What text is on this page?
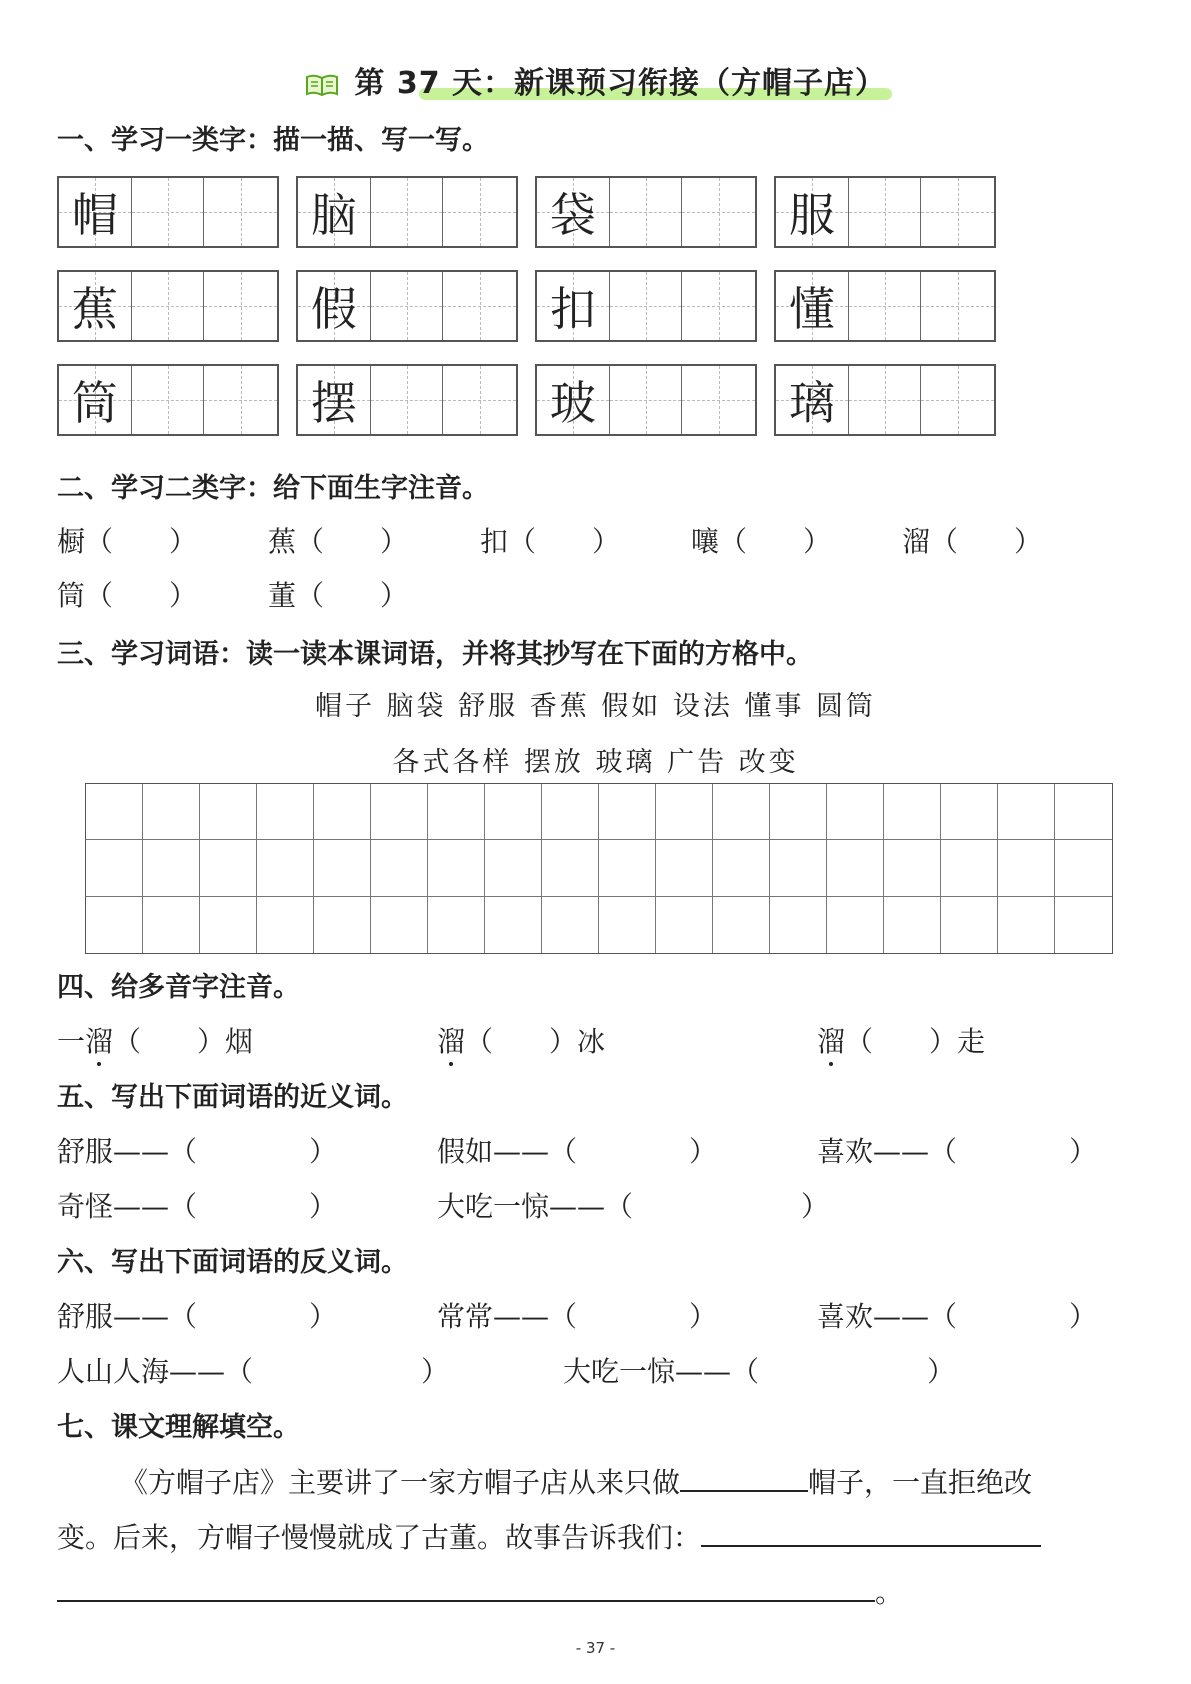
第 37 天：新课预习衔接（方帽子店）
一、学习一类字：描一描、写一写。
帽	脑	袋	服
蕉	假	扣	懂
筒	摆	玻	璃
二、学习二类字：给下面生字注音。
橱（　　）	蕉（　　）	扣（　　）	嚷（　　）	溜（　　）
筒（　　）	董（　　）
三、学习词语：读一读本课词语，并将其抄写在下面的方格中。
帽子 脑袋 舒服 香蕉 假如 设法 懂事 圆筒
各式各样 摆放 玻璃 广告 改变
四、给多音字注音。
一溜（　　）烟	溜（　　）冰	溜（　　）走
五、写出下面词语的近义词。
舒服——（　　　　）	假如——（　　　　）	喜欢——（　　　　）
奇怪——（　　　　）	大吃一惊——（　　　　　　）
六、写出下面词语的反义词。
舒服——（　　　　）	常常——（　　　　）	喜欢——（　　　　）
人山人海——（　　　　　　）	大吃一惊——（　　　　　　）
七、课文理解填空。
《方帽子店》主要讲了一家方帽子店从来只做	帽子，一直拒绝改
变。后来，方帽子慢慢就成了古董。故事告诉我们：
。
- 37 -
